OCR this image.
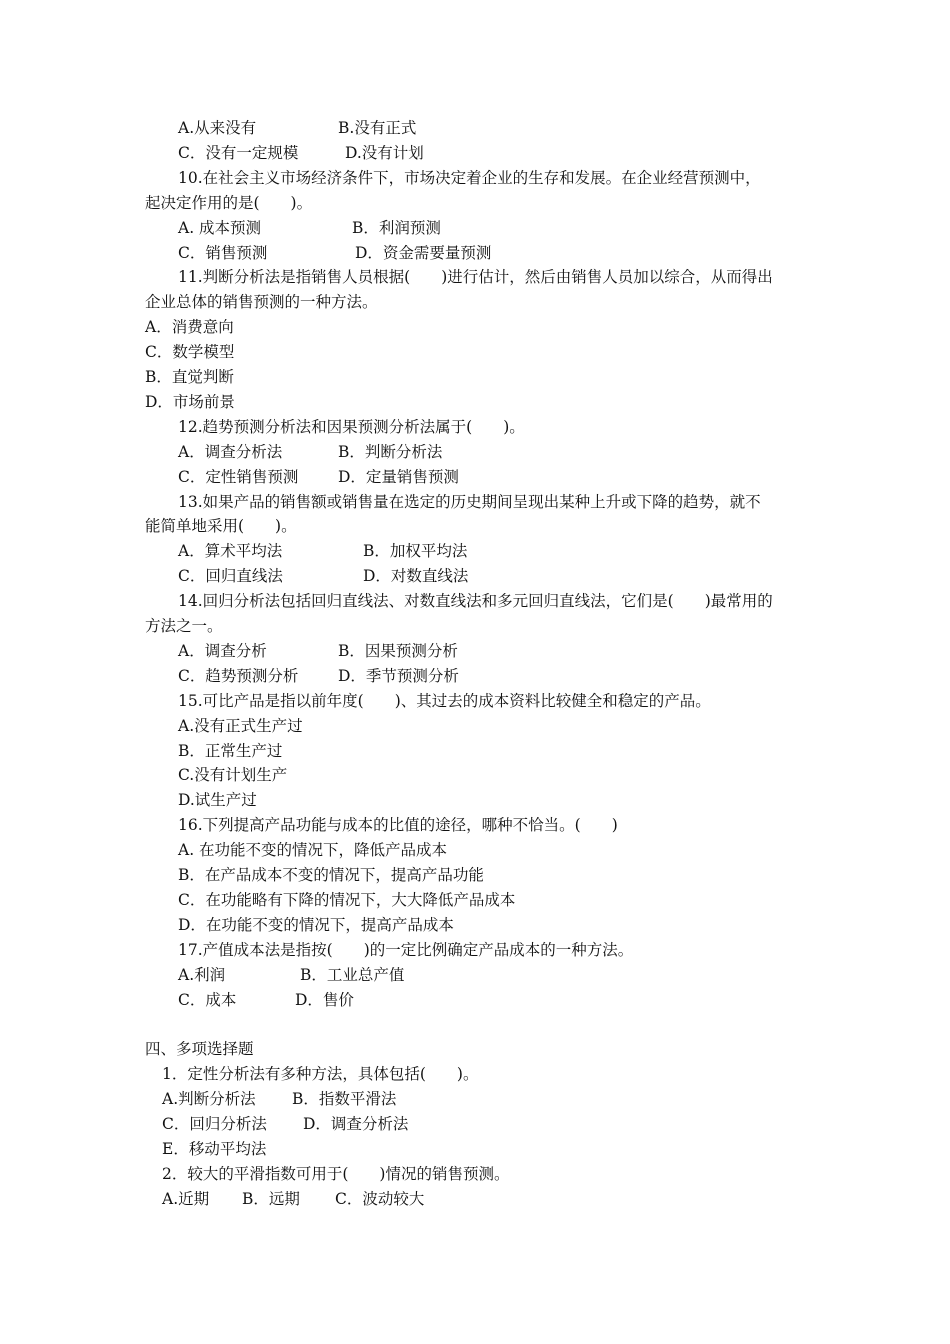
A.从来没有	B.没有正式
C．没有一定规模	D.没有计划
10.在社会主义市场经济条件下，市场决定着企业的生存和发展。在企业经营预测中，
起决定作用的是(　　)。
A. 成本预测	B．利润预测
C．销售预测	D．资金需要量预测
11.判断分析法是指销售人员根据(　　)进行估计，然后由销售人员加以综合，从而得出
企业总体的销售预测的一种方法。
A．消费意向
C．数学模型
B．直觉判断
D．市场前景
12.趋势预测分析法和因果预测分析法属于(　　)。
A．调查分析法	B．判断分析法
C．定性销售预测	D．定量销售预测
13.如果产品的销售额或销售量在选定的历史期间呈现出某种上升或下降的趋势，就不
能简单地采用(　　)。
A．算术平均法	B．加权平均法
C．回归直线法	D．对数直线法
14.回归分析法包括回归直线法、对数直线法和多元回归直线法，它们是(　　)最常用的
方法之一。
A．调查分析	B．因果预测分析
C．趋势预测分析	D．季节预测分析
15.可比产品是指以前年度(　　)、其过去的成本资料比较健全和稳定的产品。
A.没有正式生产过
B．正常生产过
C.没有计划生产
D.试生产过
16.下列提高产品功能与成本的比值的途径，哪种不恰当。(　　)
A. 在功能不变的情况下，降低产品成本
B．在产品成本不变的情况下，提高产品功能
C．在功能略有下降的情况下，大大降低产品成本
D．在功能不变的情况下，提高产品成本
17.产值成本法是指按(　　)的一定比例确定产品成本的一种方法。
A.利润	B．工业总产值
C．成本	D．售价
四、多项选择题
1．定性分析法有多种方法，具体包括(　　)。
A.判断分析法 B．指数平滑法
C．回归分析法 D．调查分析法
E．移动平均法
2．较大的平滑指数可用于(　　)情况的销售预测。
A.近期 B．远期 C．波动较大
